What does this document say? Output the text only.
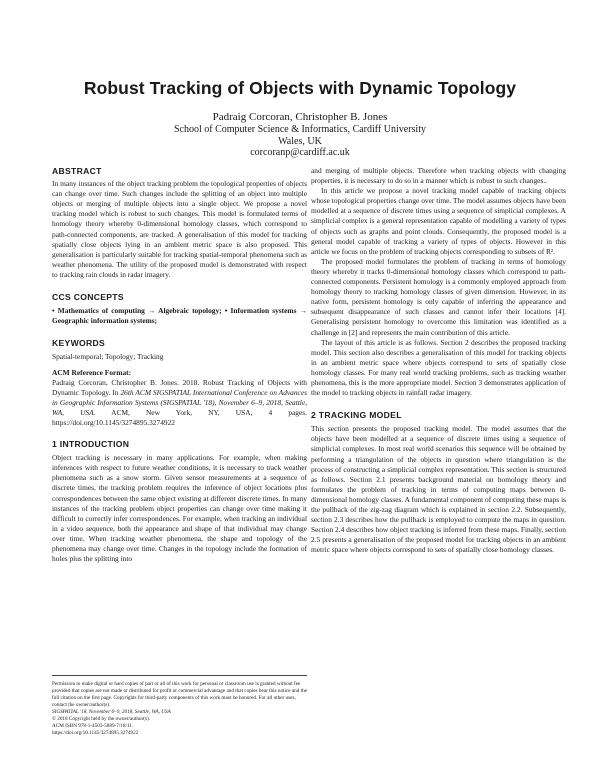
Robust Tracking of Objects with Dynamic Topology
Padraig Corcoran, Christopher B. Jones
School of Computer Science & Informatics, Cardiff University
Wales, UK
corcoranp@cardiff.ac.uk
ABSTRACT

In many instances of the object tracking problem the topological properties of objects can change over time. Such changes include the splitting of an object into multiple objects or merging of multiple objects into a single object. We propose a novel tracking model which is robust to such changes. This model is formulated terms of homology theory whereby 0-dimensional homology classes, which correspond to path-connected components, are tracked. A generalisation of this model for tracking spatially close objects lying in an ambient metric space is also proposed. This generalisation is particularly suitable for tracking spatial-temporal phenomena such as weather phenomena. The utility of the proposed model is demonstrated with respect to tracking rain clouds in radar imagery.

CCS CONCEPTS

• Mathematics of computing → Algebraic topology; • Information systems → Geographic information systems;

KEYWORDS

Spatial-temporal; Topology; Tracking

ACM Reference Format:

Padraig Corcoran, Christopher B. Jones. 2018. Robust Tracking of Objects with Dynamic Topology. In 26th ACM SIGSPATIAL International Conference on Advances in Geographic Information Systems (SIGSPATIAL '18), November 6–9, 2018, Seattle, WA, USA. ACM, New York, NY, USA, 4 pages. https://doi.org/10.1145/3274895.3274922

1 INTRODUCTION

Object tracking is necessary in many applications. For example, when making inferences with respect to future weather conditions, it is necessary to track weather phenomena such as a snow storm. Given sensor measurements at a sequence of discrete times, the tracking problem requires the inference of object locations plus correspondences between the same object existing at different discrete times. In many instances of the tracking problem object properties can change over time making it difficult to correctly infer correspondences. For example, when tracking an individual in a video sequence, both the appearance and shape of that individual may change over time. When tracking weather phenomena, the shape and topology of the phenomena may change over time. Changes in the topology include the formation of holes plus the splitting into

and merging of multiple objects. Therefore when tracking objects with changing properties, it is necessary to do so in a manner which is robust to such changes..

In this article we propose a novel tracking model capable of tracking objects whose topological properties change over time. The model assumes objects have been modelled at a sequence of discrete times using a sequence of simplicial complexes. A simplicial complex is a general representation capable of modelling a variety of types of objects such as graphs and point clouds. Consequently, the proposed model is a general model capable of tracking a variety of types of objects. However in this article we focus on the problem of tracking objects corresponding to subsets of R².

The proposed model formulates the problem of tracking in terms of homology theory whereby it tracks 0-dimensional homology classes which correspond to path-connected components. Persistent homology is a commonly employed approach from homology theory to tracking homology classes of given dimension. However, in its native form, persistent homology is only capable of inferring the appearance and subsequent disappearance of such classes and cannot infer their locations [4]. Generalising persistent homology to overcome this limitation was identified as a challenge in [2] and represents the main contribution of this article.

The layout of this article is as follows. Section 2 describes the proposed tracking model. This section also describes a generalisation of this model for tracking objects in an ambient metric space where objects correspond to sets of spatially close homology classes. For many real world tracking problems, such as tracking weather phenomena, this is the more appropriate model. Section 3 demonstrates application of the model to tracking objects in rainfall radar imagery.

2 TRACKING MODEL

This section presents the proposed tracking model. The model assumes that the objects have been modelled at a sequence of discrete times using a sequence of simplicial complexes. In most real world scenarios this sequence will be obtained by performing a triangulation of the objects in question where triangulation is the process of constructing a simplicial complex representation. This section is structured as follows. Section 2.1 presents background material on homology theory and formulates the problem of tracking in terms of computing maps between 0-dimensional homology classes. A fundamental component of computing these maps is the pullback of the zig-zag diagram which is explained in section 2.2. Subsequently, section 2.3 describes how the pullback is employed to compute the maps in question. Section 2.4 describes how object tracking is inferred from these maps. Finally, section 2.5 presents a generalisation of the proposed model for tracking objects in an ambient metric space where objects correspond to sets of spatially close homology classes.

Permission to make digital or hard copies of part or all of this work for personal or classroom use is granted without fee provided that copies are not made or distributed for profit or commercial advantage and that copies bear this notice and the full citation on the first page. Copyrights for third-party components of this work must be honored. For all other uses, contact the owner/author(s).

SIGSPATIAL '18, November 6–9, 2018, Seattle, WA, USA

© 2018 Copyright held by the owner/author(s).

ACM ISBN 978-1-4503-5889-7/18/11.

https://doi.org/10.1145/3274895.3274922
